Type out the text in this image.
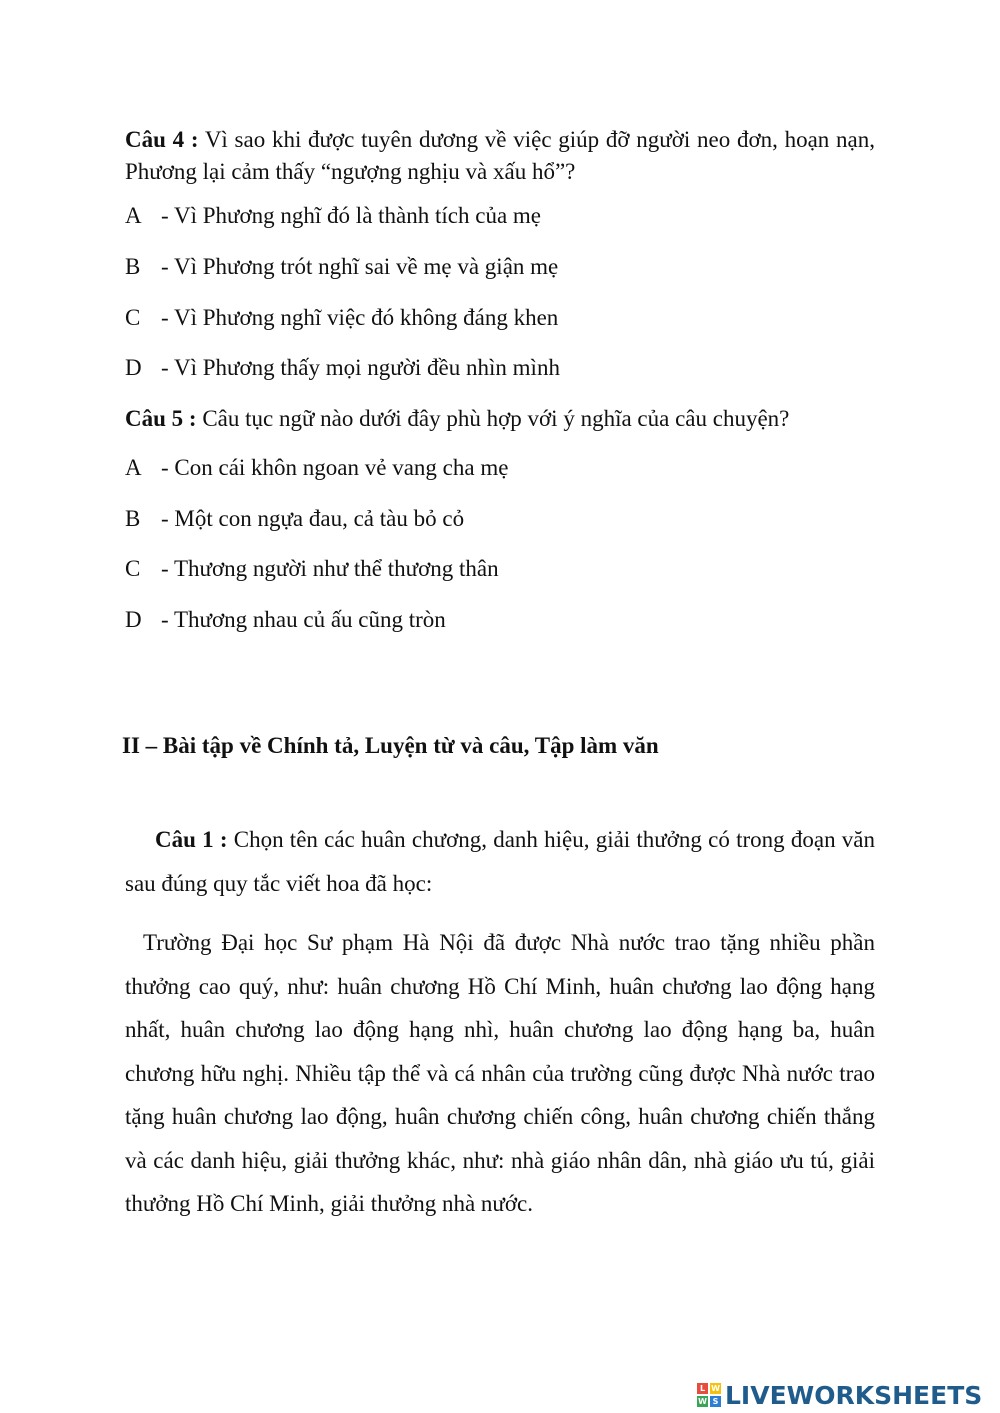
Câu 4 : Vì sao khi được tuyên dương về việc giúp đỡ người neo đơn, hoạn nạn, Phương lại cảm thấy “ngượng nghịu và xấu hổ”?
A - Vì Phương nghĩ đó là thành tích của mẹ
B - Vì Phương trót nghĩ sai về mẹ và giận mẹ
C - Vì Phương nghĩ việc đó không đáng khen
D - Vì Phương thấy mọi người đều nhìn mình
Câu 5 : Câu tục ngữ nào dưới đây phù hợp với ý nghĩa của câu chuyện?
A - Con cái khôn ngoan vẻ vang cha mẹ
B - Một con ngựa đau, cả tàu bỏ cỏ
C - Thương người như thể thương thân
D - Thương nhau củ ấu cũng tròn
II – Bài tập về Chính tả, Luyện từ và câu, Tập làm văn
Câu 1 : Chọn tên các huân chương, danh hiệu, giải thưởng có trong đoạn văn sau đúng quy tắc viết hoa đã học:
Trường Đại học Sư phạm Hà Nội đã được Nhà nước trao tặng nhiều phần thưởng cao quý, như: huân chương Hồ Chí Minh, huân chương lao động hạng nhất, huân chương lao động hạng nhì, huân chương lao động hạng ba, huân chương hữu nghị. Nhiều tập thể và cá nhân của trường cũng được Nhà nước trao tặng huân chương lao động, huân chương chiến công, huân chương chiến thắng và các danh hiệu, giải thưởng khác, như: nhà giáo nhân dân, nhà giáo ưu tú, giải thưởng Hồ Chí Minh, giải thưởng nhà nước.
L W
W S LIVEWORKSHEETS
